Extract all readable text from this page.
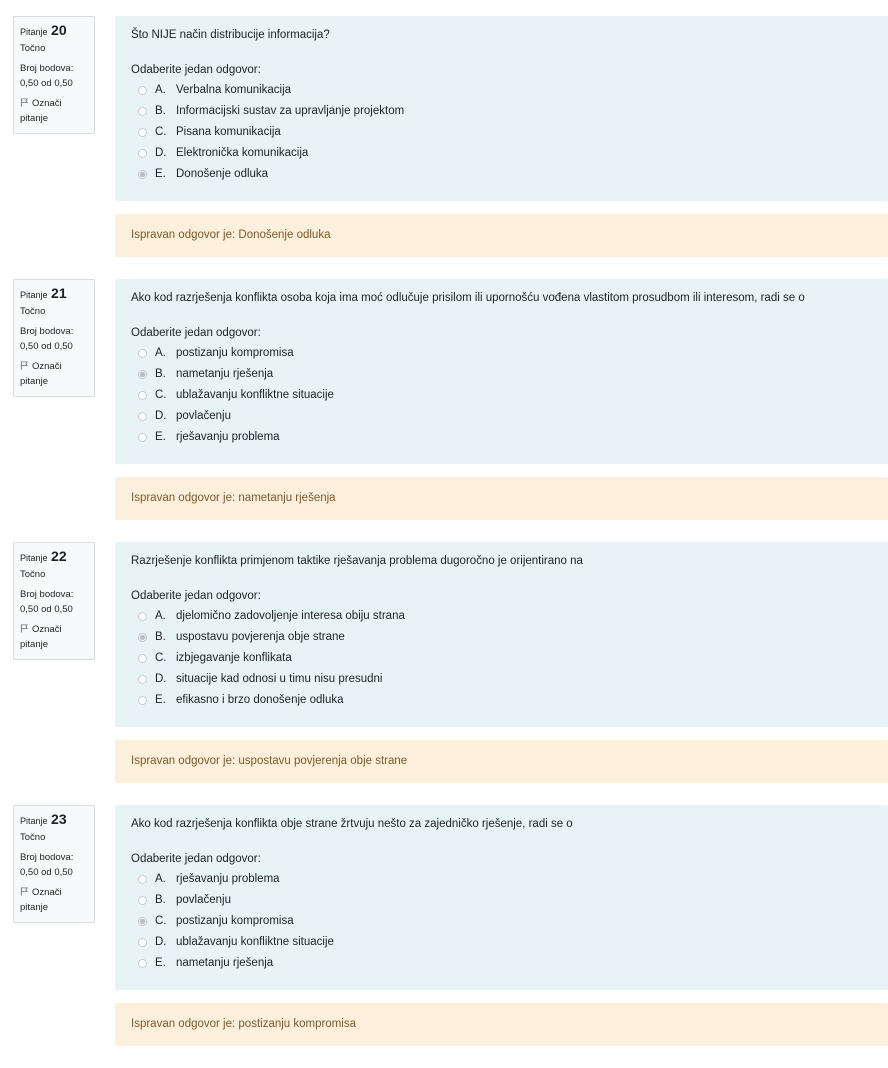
Pitanje 20
Točno
Broj bodova: 0,50 od 0,50
Označi pitanje
Što NIJE način distribucije informacija?
Odaberite jedan odgovor:
A. Verbalna komunikacija
B. Informacijski sustav za upravljanje projektom
C. Pisana komunikacija
D. Elektronička komunikacija
E. Donošenje odluka
Ispravan odgovor je: Donošenje odluka
Pitanje 21
Točno
Broj bodova: 0,50 od 0,50
Označi pitanje
Ako kod razrješenja konflikta osoba koja ima moć odlučuje prisilom ili upornošću vođena vlastitom prosudbom ili interesom, radi se o
Odaberite jedan odgovor:
A. postizanju kompromisa
B. nametanju rješenja
C. ublažavanju konfliktne situacije
D. povlačenju
E. rješavanju problema
Ispravan odgovor je: nametanju rješenja
Pitanje 22
Točno
Broj bodova: 0,50 od 0,50
Označi pitanje
Razrješenje konflikta primjenom taktike rješavanja problema dugoročno je orijentirano na
Odaberite jedan odgovor:
A. djelomično zadovoljenje interesa obiju strana
B. uspostavu povjerenja obje strane
C. izbjegavanje konflikata
D. situacije kad odnosi u timu nisu presudni
E. efikasno i brzo donošenje odluka
Ispravan odgovor je: uspostavu povjerenja obje strane
Pitanje 23
Točno
Broj bodova: 0,50 od 0,50
Označi pitanje
Ako kod razrješenja konflikta obje strane žrtvuju nešto za zajedničko rješenje, radi se o
Odaberite jedan odgovor:
A. rješavanju problema
B. povlačenju
C. postizanju kompromisa
D. ublažavanju konfliktne situacije
E. nametanju rješenja
Ispravan odgovor je: postizanju kompromisa
